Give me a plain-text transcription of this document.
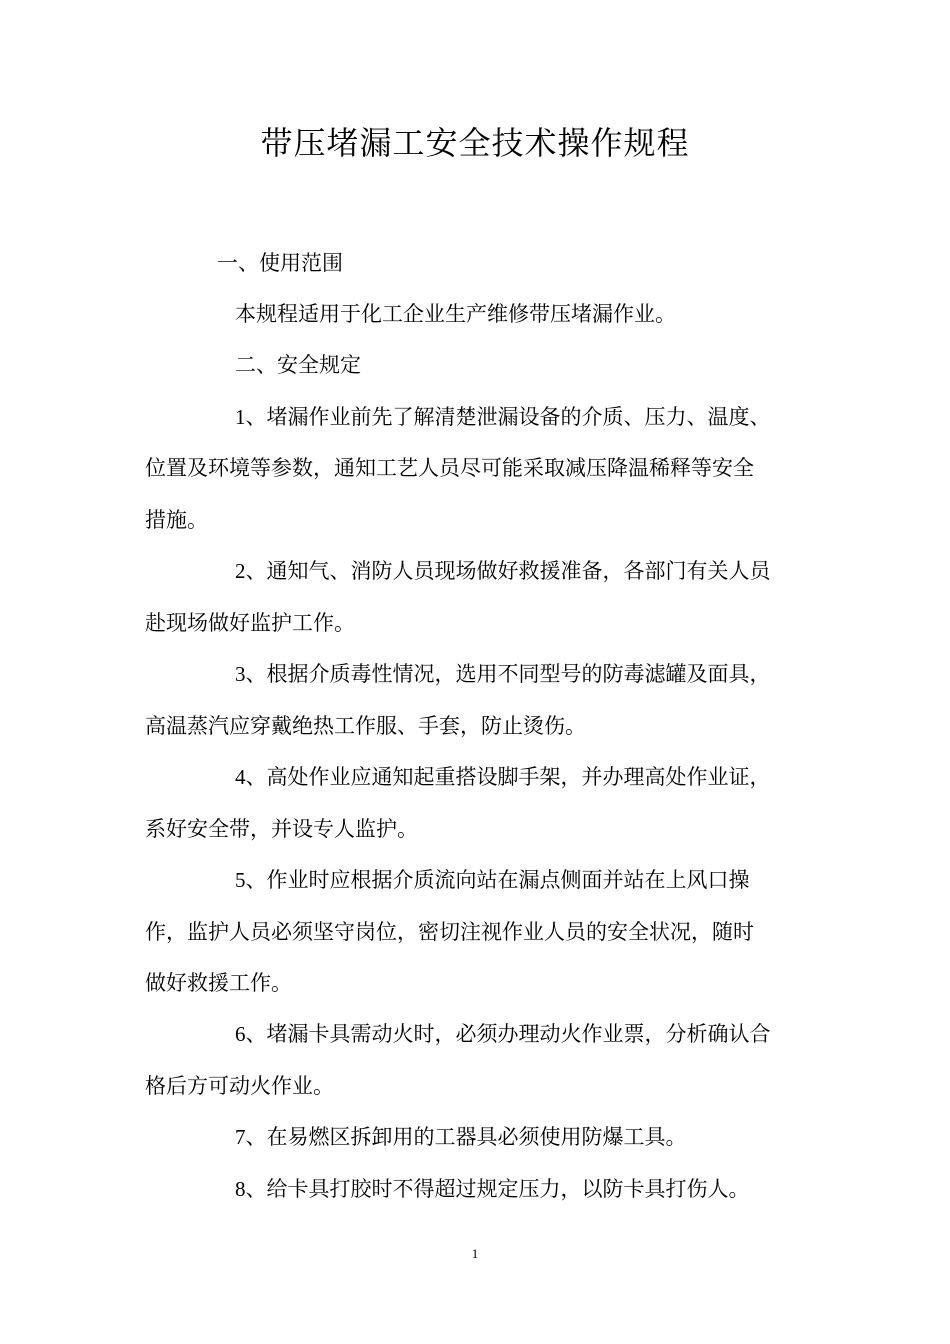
带压堵漏工安全技术操作规程
一、使用范围
本规程适用于化工企业生产维修带压堵漏作业。
二、安全规定
1、堵漏作业前先了解清楚泄漏设备的介质、压力、温度、
位置及环境等参数，通知工艺人员尽可能采取减压降温稀释等安全
措施。
2、通知气、消防人员现场做好救援准备，各部门有关人员
赴现场做好监护工作。
3、根据介质毒性情况，选用不同型号的防毒滤罐及面具，
高温蒸汽应穿戴绝热工作服、手套，防止烫伤。
4、高处作业应通知起重搭设脚手架，并办理高处作业证，
系好安全带，并设专人监护。
5、作业时应根据介质流向站在漏点侧面并站在上风口操
作，监护人员必须坚守岗位，密切注视作业人员的安全状况，随时
做好救援工作。
6、堵漏卡具需动火时，必须办理动火作业票，分析确认合
格后方可动火作业。
7、在易燃区拆卸用的工器具必须使用防爆工具。
8、给卡具打胶时不得超过规定压力，以防卡具打伤人。
1
